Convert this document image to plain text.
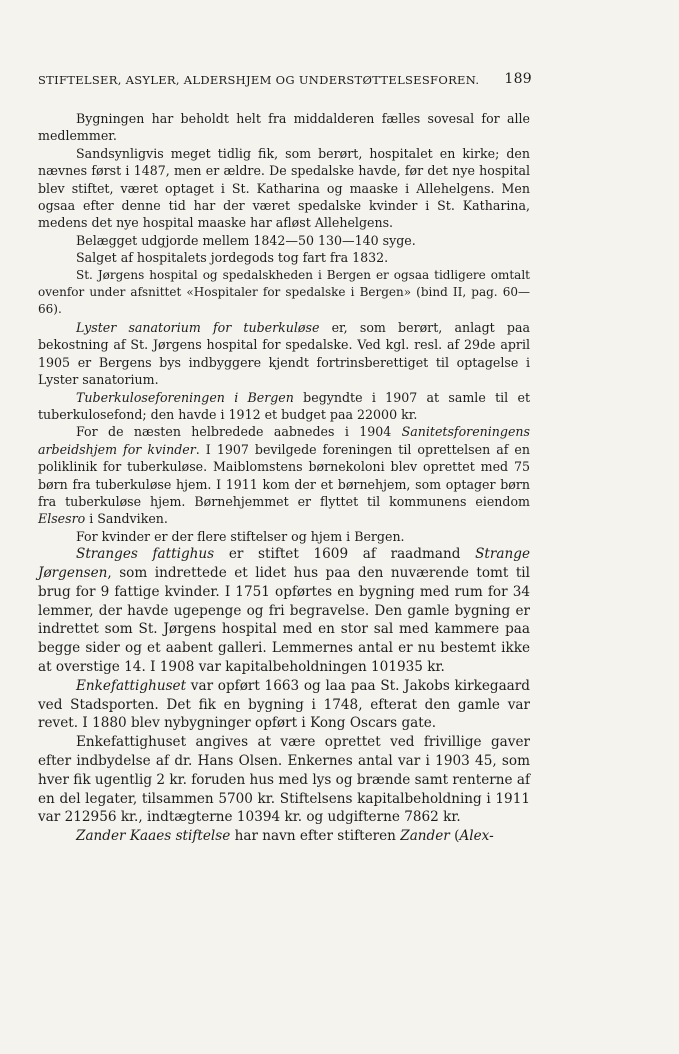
STIFTELSER, ASYLER, ALDERSHJEM OG UNDERSTØTTELSESFOREN. 189

Bygningen har beholdt helt fra middalderen fælles sovesal for alle medlemmer.

Sandsynligvis meget tidlig fik, som berørt, hospitalet en kirke; den nævnes først i 1487, men er ældre. De spedalske havde, før det nye hospital blev stiftet, været optaget i St. Katharina og maaske i Allehelgens. Men ogsaa efter denne tid har der været spedalske kvinder i St. Katharina, medens det nye hospital maaske har afløst Allehelgens.

Belægget udgjorde mellem 1842—50 130—140 syge.

Salget af hospitalets jordegods tog fart fra 1832.

St. Jørgens hospital og spedalskheden i Bergen er ogsaa tidligere omtalt ovenfor under afsnittet «Hospitaler for spedalske i Bergen» (bind II, pag. 60—66).

Lyster sanatorium for tuberkuløse er, som berørt, anlagt paa bekostning af St. Jørgens hospital for spedalske. Ved kgl. resl. af 29de april 1905 er Bergens bys indbyggere kjendt fortrinsberettiget til optagelse i Lyster sanatorium.

Tuberkuloseforeningen i Bergen begyndte i 1907 at samle til et tuberkulosefond; den havde i 1912 et budget paa 22000 kr.

For de næsten helbredede aabnedes i 1904 Sanitetsforeningens arbeidshjem for kvinder. I 1907 bevilgede foreningen til oprettelsen af en poliklinik for tuberkuløse. Maiblomstens børnekoloni blev oprettet med 75 børn fra tuberkuløse hjem. I 1911 kom der et børnehjem, som optager børn fra tuberkuløse hjem. Børnehjemmet er flyttet til kommunens eiendom Elsesro i Sandviken.

For kvinder er der flere stiftelser og hjem i Bergen.

Stranges fattighus er stiftet 1609 af raadmand Strange Jørgensen, som indrettede et lidet hus paa den nuværende tomt til brug for 9 fattige kvinder. I 1751 opførtes en bygning med rum for 34 lemmer, der havde ugepenge og fri begravelse. Den gamle bygning er indrettet som St. Jørgens hospital med en stor sal med kammere paa begge sider og et aabent galleri. Lemmernes antal er nu bestemt ikke at overstige 14. I 1908 var kapitalbeholdningen 101935 kr.

Enkefattighuset var opført 1663 og laa paa St. Jakobs kirkegaard ved Stadsporten. Det fik en bygning i 1748, efterat den gamle var revet. I 1880 blev nybygninger opført i Kong Oscars gate.

Enkefattighuset angives at være oprettet ved frivillige gaver efter indbydelse af dr. Hans Olsen. Enkernes antal var i 1903 45, som hver fik ugentlig 2 kr. foruden hus med lys og brænde samt renterne af en del legater, tilsammen 5700 kr. Stiftelsens kapitalbeholdning i 1911 var 212956 kr., indtægterne 10394 kr. og udgifterne 7862 kr.

Zander Kaaes stiftelse har navn efter stifteren Zander (Alex-
